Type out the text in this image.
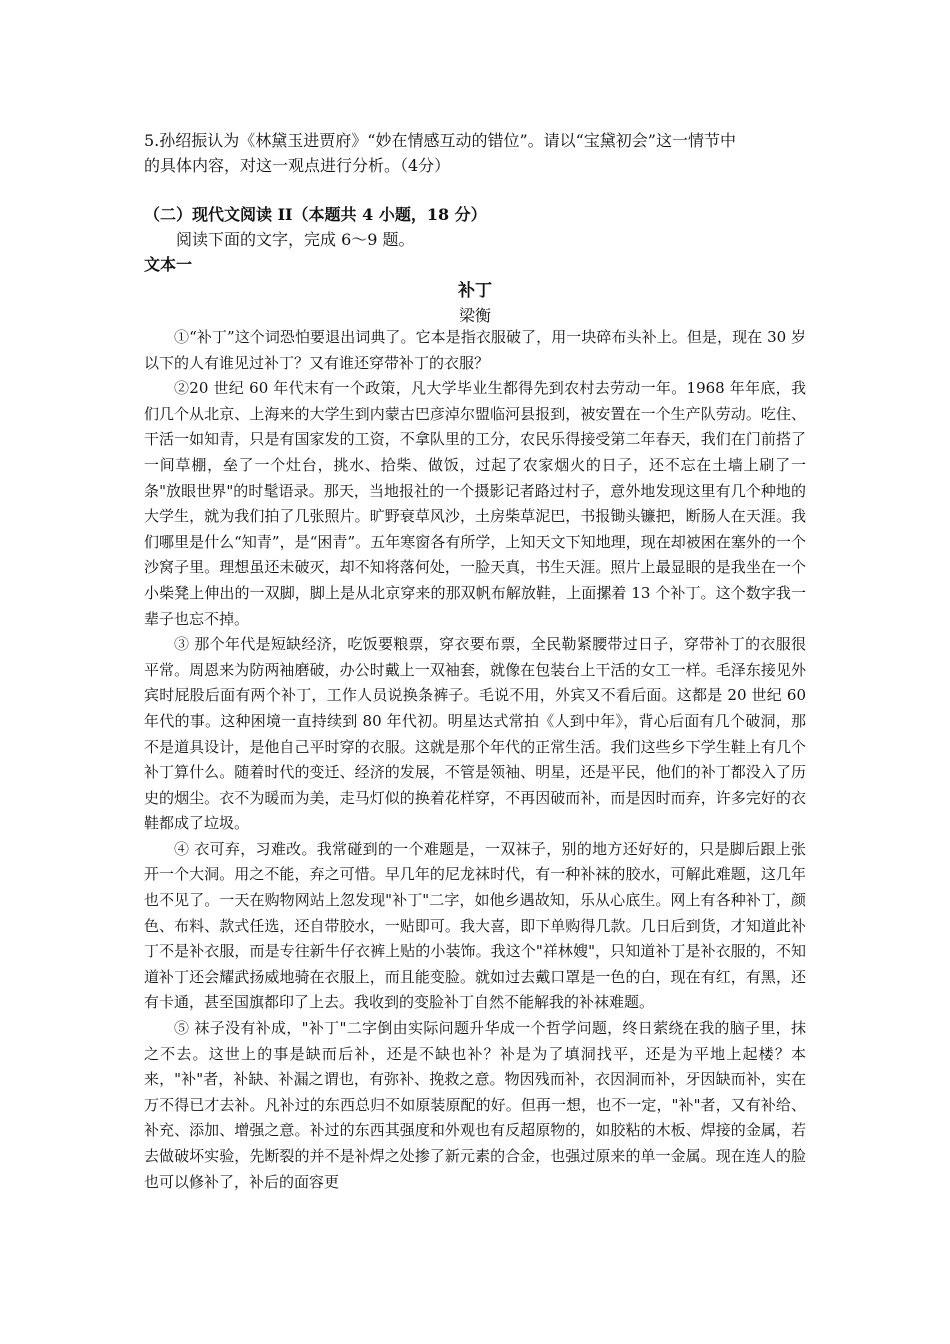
5.孙绍振认为《林黛玉进贾府》“妙在情感互动的错位”。请以“宝黛初会”这一情节中

的具体内容，对这一观点进行分析。（4分）

（二）现代文阅读 II（本题共 4 小题，18 分）
阅读下面的文字，完成 6～9 题。
文本一
补丁
梁衡

①“补丁”这个词恐怕要退出词典了。它本是指衣服破了，用一块碎布头补上。但是，现在 30 岁以下的人有谁见过补丁？又有谁还穿带补丁的衣服？

②20 世纪 60 年代末有一个政策，凡大学毕业生都得先到农村去劳动一年。1968 年年底，我们几个从北京、上海来的大学生到内蒙古巴彦淖尔盟临河县报到，被安置在一个生产队劳动。吃住、干活一如知青，只是有国家发的工资，不拿队里的工分，农民乐得接受第二年春天，我们在门前搭了一间草棚，垒了一个灶台，挑水、拾柴、做饭，过起了农家烟火的日子，还不忘在土墙上刷了一条"放眼世界"的时髦语录。那天，当地报社的一个摄影记者路过村子，意外地发现这里有几个种地的大学生，就为我们拍了几张照片。旷野衰草风沙，土房柴草泥巴，书报锄头镰把，断肠人在天涯。我们哪里是什么“知青”，是“困青”。五年寒窗各有所学，上知天文下知地理，现在却被困在塞外的一个沙窝子里。理想虽还未破灭，却不知将落何处，一脸天真，书生天涯。照片上最显眼的是我坐在一个小柴凳上伸出的一双脚，脚上是从北京穿来的那双帆布解放鞋，上面摞着 13 个补丁。这个数字我一辈子也忘不掉。

③ 那个年代是短缺经济，吃饭要粮票，穿衣要布票，全民勒紧腰带过日子，穿带补丁的衣服很平常。周恩来为防两袖磨破，办公时戴上一双袖套，就像在包装台上干活的女工一样。毛泽东接见外宾时屁股后面有两个补丁，工作人员说换条裤子。毛说不用，外宾又不看后面。这都是 20 世纪 60 年代的事。这种困境一直持续到 80 年代初。明星达式常拍《人到中年》，背心后面有几个破洞，那不是道具设计，是他自己平时穿的衣服。这就是那个年代的正常生活。我们这些乡下学生鞋上有几个补丁算什么。随着时代的变迁、经济的发展，不管是领袖、明星，还是平民，他们的补丁都没入了历史的烟尘。衣不为暖而为美，走马灯似的换着花样穿，不再因破而补，而是因时而弃，许多完好的衣鞋都成了垃圾。

④ 衣可弃，习难改。我常碰到的一个难题是，一双袜子，别的地方还好好的，只是脚后跟上张开一个大洞。用之不能，弃之可惜。早几年的尼龙袜时代，有一种补袜的胶水，可解此难题，这几年也不见了。一天在购物网站上忽发现"补丁"二字，如他乡遇故知，乐从心底生。网上有各种补丁，颜色、布料、款式任选，还自带胶水，一贴即可。我大喜，即下单购得几款。几日后到货，才知道此补丁不是补衣服，而是专往新牛仔衣裤上贴的小装饰。我这个"祥林嫂"，只知道补丁是补衣服的，不知道补丁还会耀武扬威地骑在衣服上，而且能变脸。就如过去戴口罩是一色的白，现在有红，有黑，还有卡通，甚至国旗都印了上去。我收到的变脸补丁自然不能解我的补袜难题。

⑤ 袜子没有补成，"补丁"二字倒由实际问题升华成一个哲学问题，终日萦绕在我的脑子里，抹之不去。这世上的事是缺而后补，还是不缺也补？补是为了填洞找平，还是为平地上起楼？本来，"补"者，补缺、补漏之谓也，有弥补、挽救之意。物因残而补，衣因洞而补，牙因缺而补，实在万不得已才去补。凡补过的东西总归不如原装原配的好。但再一想，也不一定，"补"者，又有补给、补充、添加、增强之意。补过的东西其强度和外观也有反超原物的，如胶粘的木板、焊接的金属，若去做破坏实验，先断裂的并不是补焊之处掺了新元素的合金，也强过原来的单一金属。现在连人的脸也可以修补了，补后的面容更
